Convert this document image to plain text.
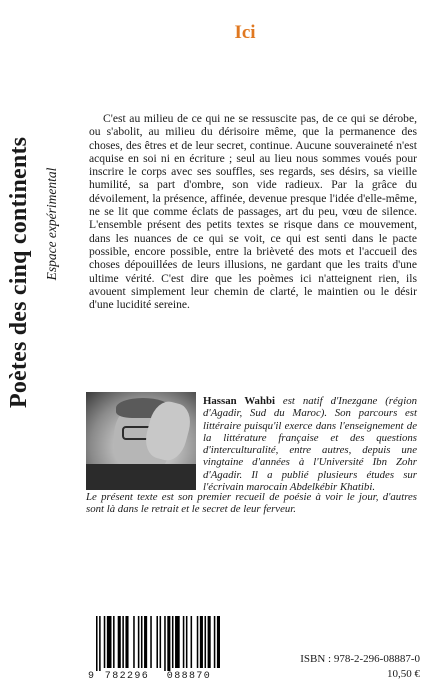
Poètes des cinq continents Espace expérimental
Ici

C'est au milieu de ce qui ne se ressuscite pas, de ce qui se dérobe, ou s'abolit, au milieu du dérisoire même, que la permanence des choses, des êtres et de leur secret, continue. Aucune souveraineté n'est acquise en soi ni en écriture ; seul au lieu nous sommes voués pour inscrire le corps avec ses souffles, ses regards, ses désirs, sa vieille humilité, sa part d'ombre, son vide radieux. Par la grâce du dévoilement, la présence, affinée, devenue presque l'idée d'elle-même, ne se lit que comme éclats de passages, art du peu, vœu de silence. L'ensemble présent des petits textes se risque dans ce mouvement, dans les nuances de ce qui se voit, ce qui est senti dans le pacte possible, encore possible, entre la brièveté des mots et l'accueil des choses dépouillées de leurs illusions, ne gardant que les traits d'une ultime vérité. C'est dire que les poèmes ici n'atteignent rien, ils avouent simplement leur chemin de clarté, le maintien ou le désir d'une lucidité sereine.

Hassan Wahbi est natif d'Inezgane (région d'Agadir, Sud du Maroc). Son parcours est littéraire puisqu'il exerce dans l'enseignement de la littérature française et des questions d'interculturalité, entre autres, depuis une vingtaine d'années à l'Université Ibn Zohr d'Agadir. Il a publié plusieurs études sur l'écrivain marocain Abdelkébir Khatibi.
Le présent texte est son premier recueil de poésie à voir le jour, d'autres sont là dans le retrait et le secret de leur ferveur.
9	782296	088870
ISBN : 978-2-296-08887-0
10,50 €
